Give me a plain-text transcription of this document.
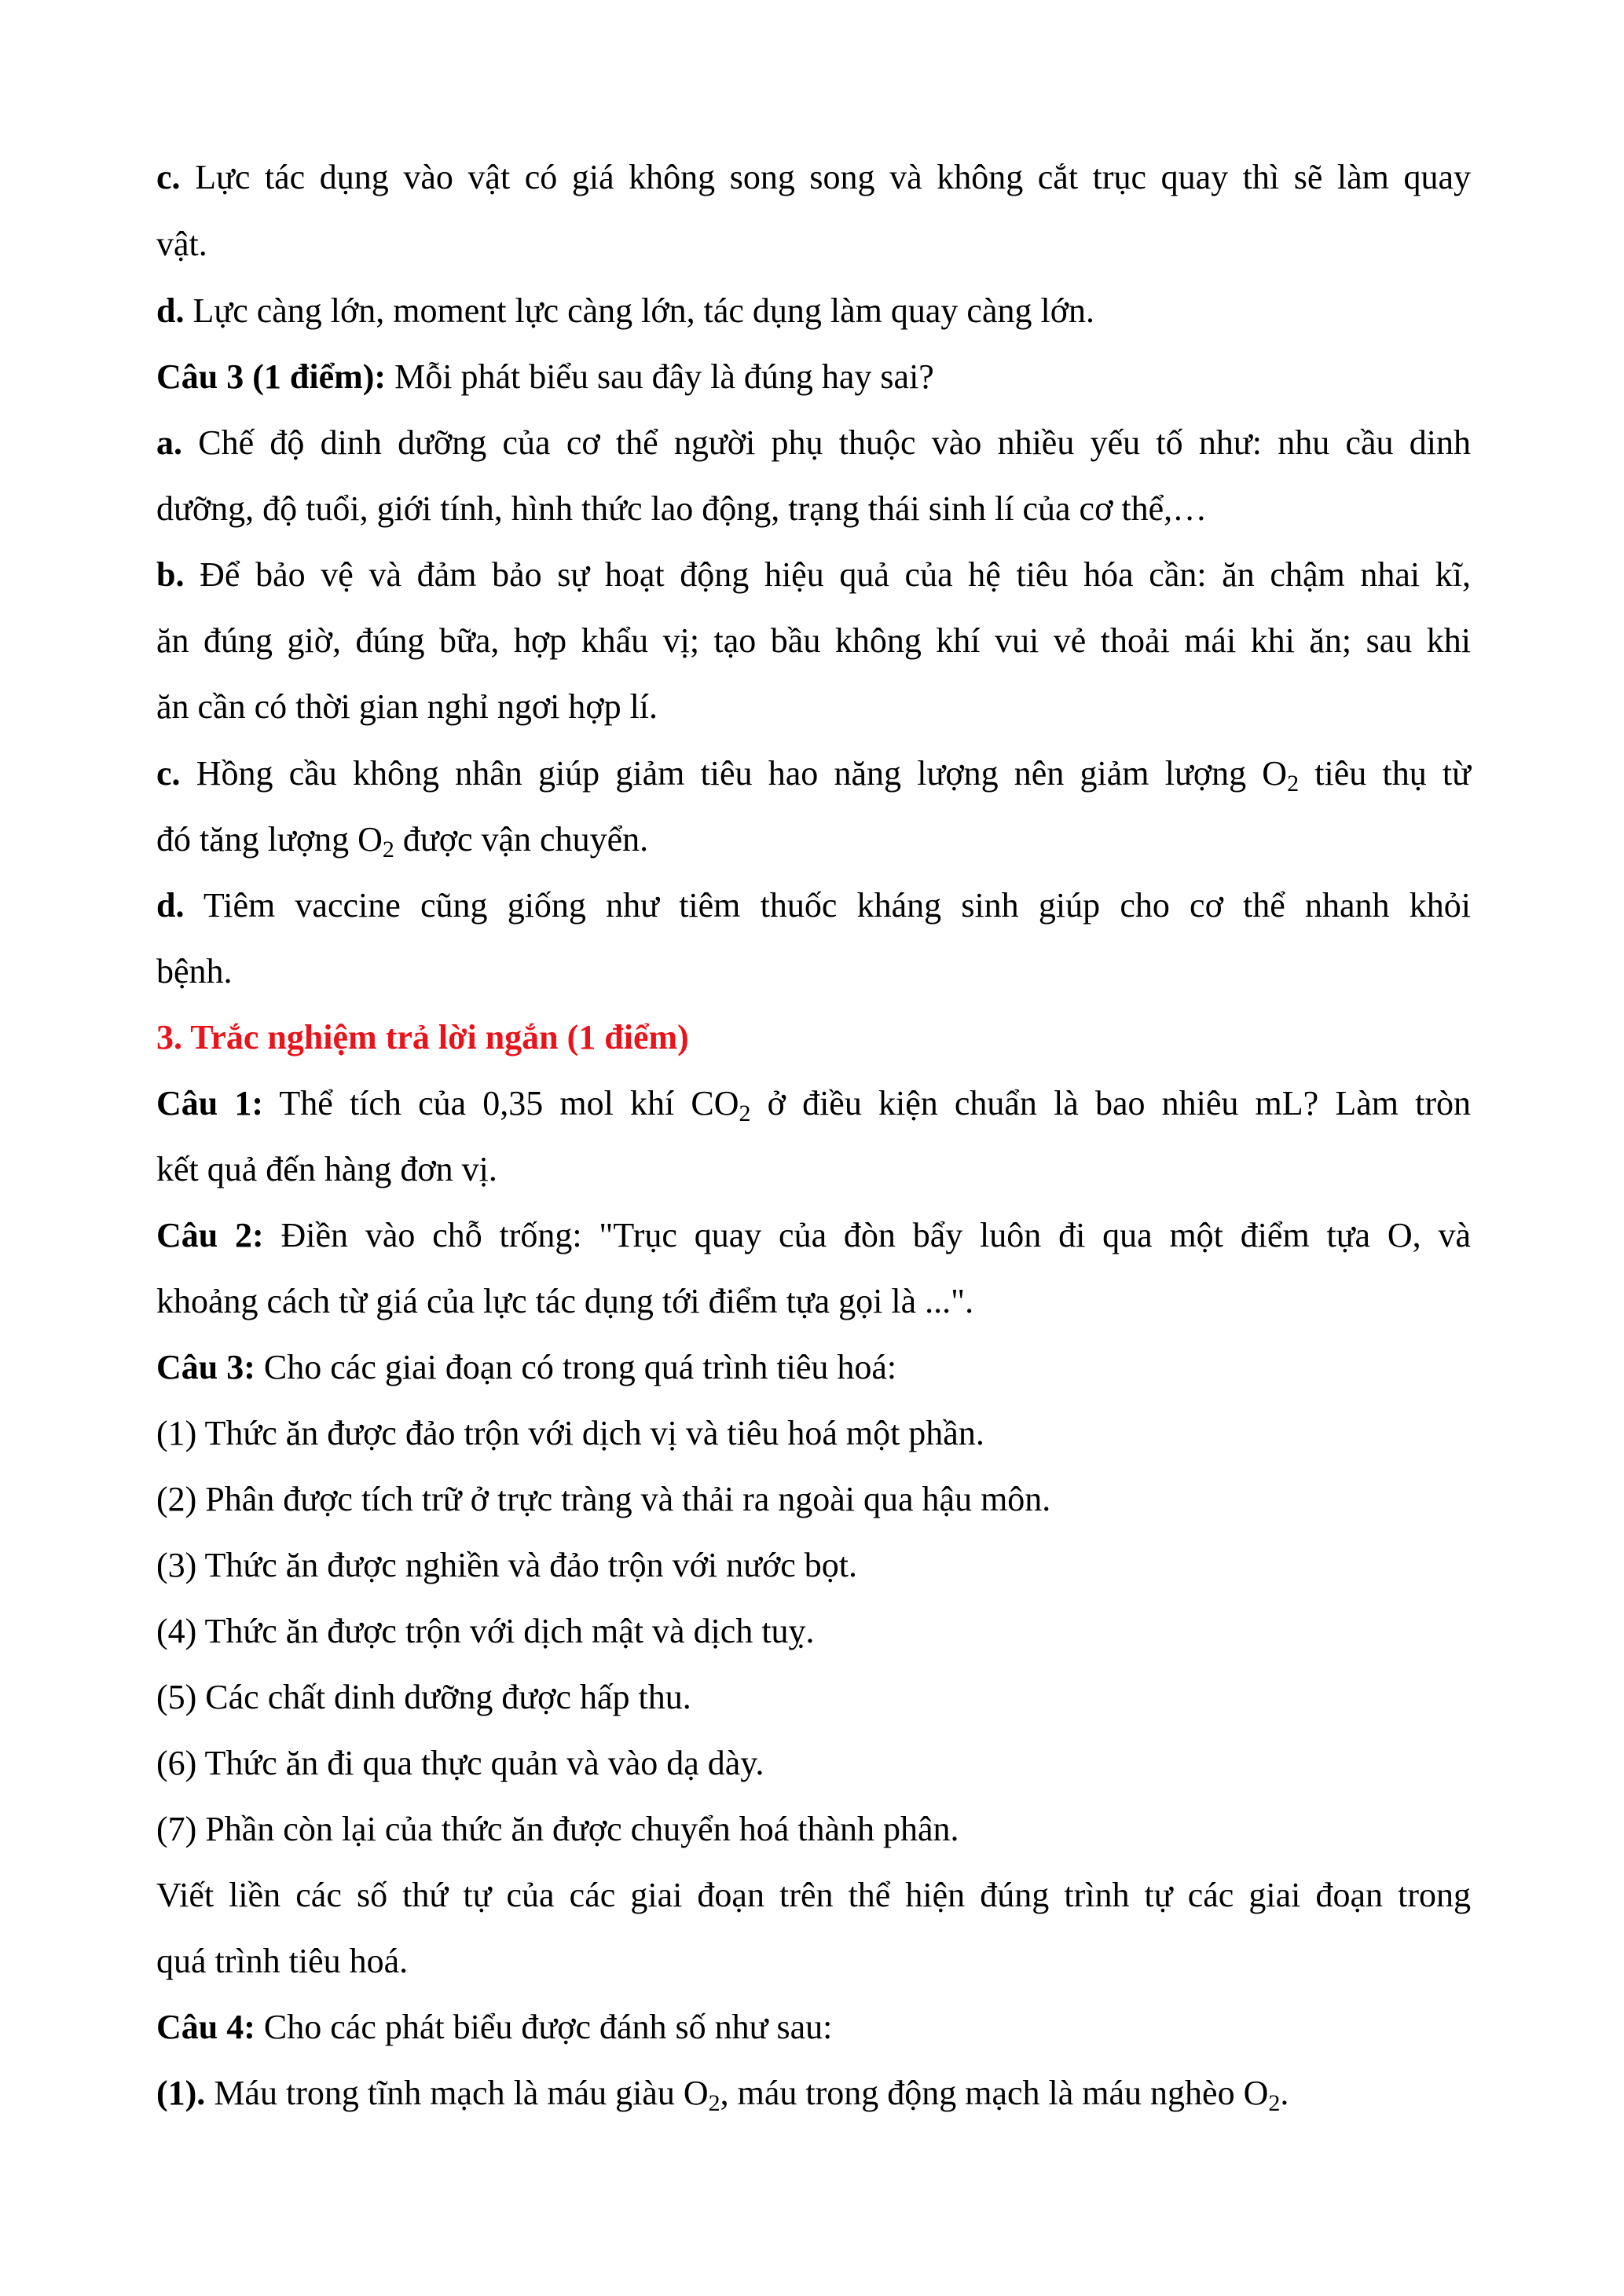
c. Lực tác dụng vào vật có giá không song song và không cắt trục quay thì sẽ làm quay
vật.
d. Lực càng lớn, moment lực càng lớn, tác dụng làm quay càng lớn.
Câu 3 (1 điểm): Mỗi phát biểu sau đây là đúng hay sai?
a. Chế độ dinh dưỡng của cơ thể người phụ thuộc vào nhiều yếu tố như: nhu cầu dinh
dưỡng, độ tuổi, giới tính, hình thức lao động, trạng thái sinh lí của cơ thể,…
b. Để bảo vệ và đảm bảo sự hoạt động hiệu quả của hệ tiêu hóa cần: ăn chậm nhai kĩ,
ăn đúng giờ, đúng bữa, hợp khẩu vị; tạo bầu không khí vui vẻ thoải mái khi ăn; sau khi
ăn cần có thời gian nghỉ ngơi hợp lí.
c. Hồng cầu không nhân giúp giảm tiêu hao năng lượng nên giảm lượng $O_2$ tiêu thụ từ
đó tăng lượng $O_2$ được vận chuyển.
d. Tiêm vaccine cũng giống như tiêm thuốc kháng sinh giúp cho cơ thể nhanh khỏi
bệnh.
3. Trắc nghiệm trả lời ngắn (1 điểm)
Câu 1: Thể tích của 0,35 mol khí $CO_2$ ở điều kiện chuẩn là bao nhiêu mL? Làm tròn
kết quả đến hàng đơn vị.
Câu 2: Điền vào chỗ trống: "Trục quay của đòn bẩy luôn đi qua một điểm tựa O, và
khoảng cách từ giá của lực tác dụng tới điểm tựa gọi là ...".
Câu 3: Cho các giai đoạn có trong quá trình tiêu hoá:
(1) Thức ăn được đảo trộn với dịch vị và tiêu hoá một phần.
(2) Phân được tích trữ ở trực tràng và thải ra ngoài qua hậu môn.
(3) Thức ăn được nghiền và đảo trộn với nước bọt.
(4) Thức ăn được trộn với dịch mật và dịch tuỵ.
(5) Các chất dinh dưỡng được hấp thu.
(6) Thức ăn đi qua thực quản và vào dạ dày.
(7) Phần còn lại của thức ăn được chuyển hoá thành phân.
Viết liền các số thứ tự của các giai đoạn trên thể hiện đúng trình tự các giai đoạn trong
quá trình tiêu hoá.
Câu 4: Cho các phát biểu được đánh số như sau:
(1). Máu trong tĩnh mạch là máu giàu $O_2$, máu trong động mạch là máu nghèo $O_2$.
